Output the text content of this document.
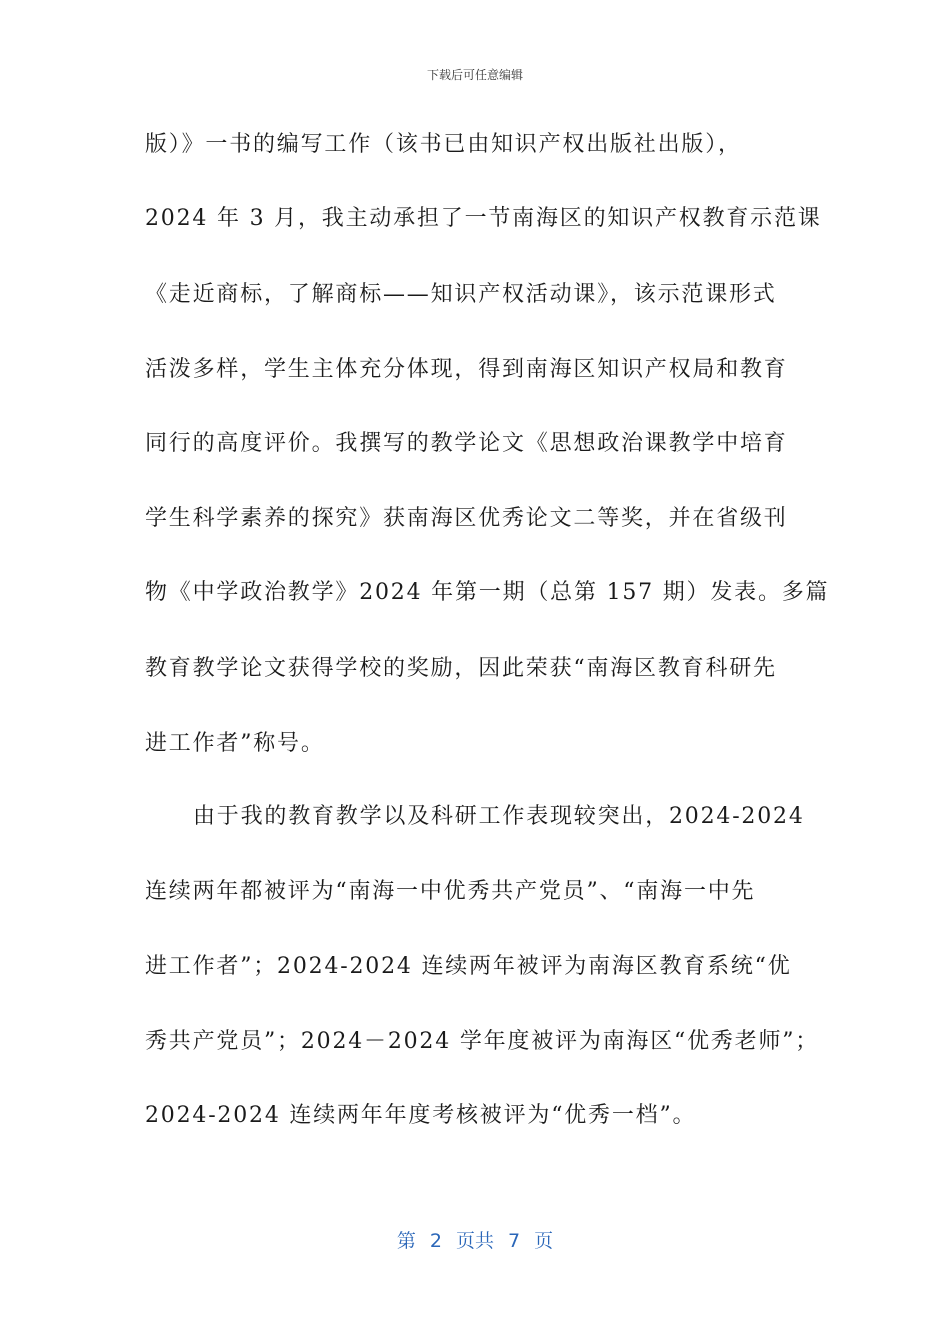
下载后可任意编辑
版）》一书的编写工作（该书已由知识产权出版社出版），
2024 年 3 月，我主动承担了一节南海区的知识产权教育示范课
《走近商标，了解商标——知识产权活动课》，该示范课形式
活泼多样，学生主体充分体现，得到南海区知识产权局和教育
同行的高度评价。我撰写的教学论文《思想政治课教学中培育
学生科学素养的探究》获南海区优秀论文二等奖，并在省级刊
物《中学政治教学》2024 年第一期（总第 157 期）发表。多篇
教育教学论文获得学校的奖励，因此荣获“南海区教育科研先
进工作者”称号。
由于我的教育教学以及科研工作表现较突出，2024-2024
连续两年都被评为“南海一中优秀共产党员”、“南海一中先
进工作者”；2024-2024 连续两年被评为南海区教育系统“优
秀共产党员”；2024－2024 学年度被评为南海区“优秀老师”；
2024-2024 连续两年年度考核被评为“优秀一档”。
第 2 页共 7 页
